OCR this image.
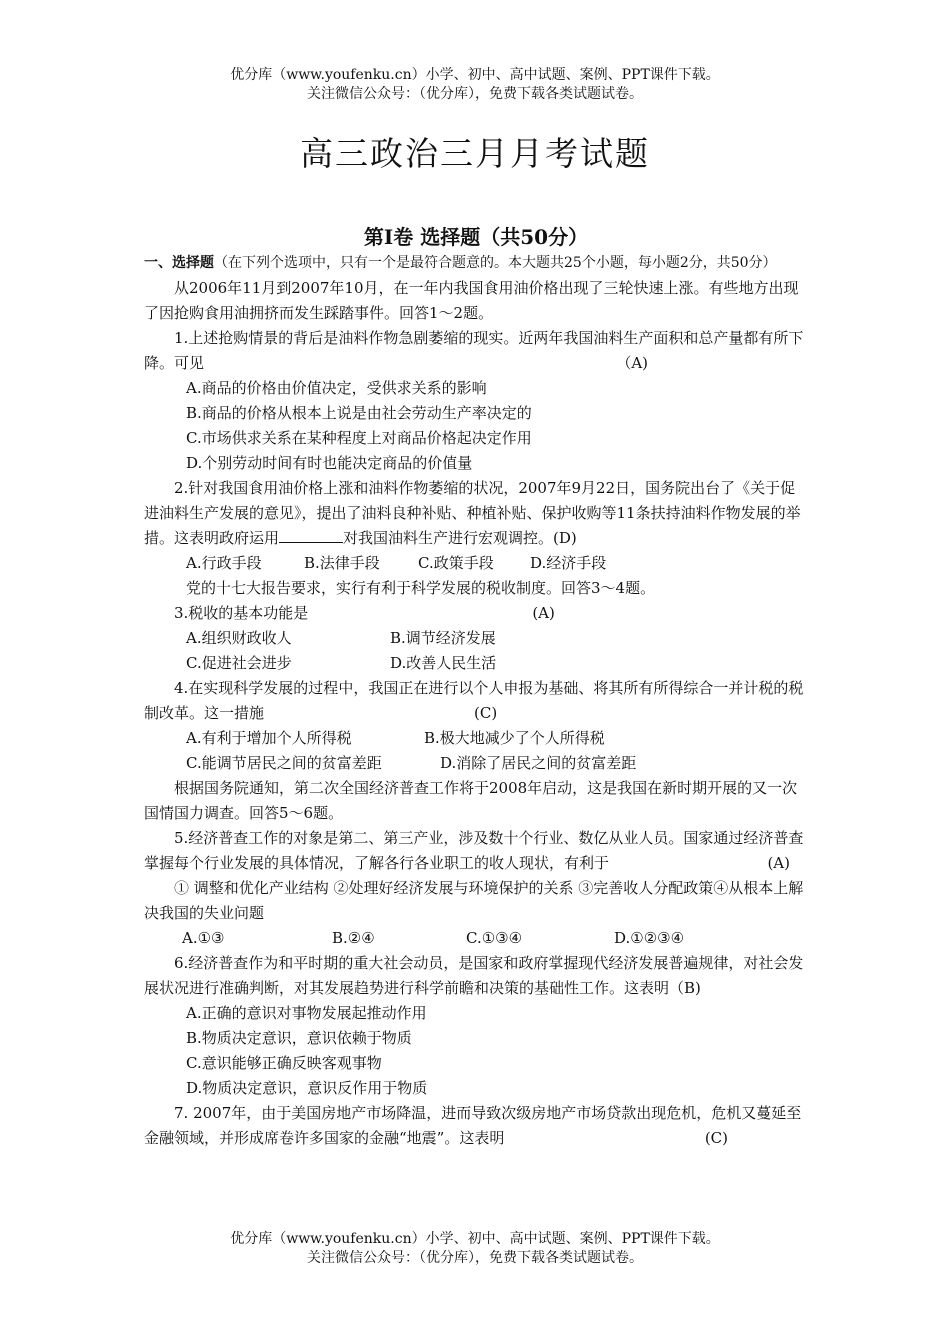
优分库（www.youfenku.cn）小学、初中、高中试题、案例、PPT课件下载。
关注微信公众号：（优分库），免费下载各类试题试卷。
高三政治三月月考试题
第Ⅰ卷 选择题（共50分）

一、选择题（在下列个选项中，只有一个是最符合题意的。本大题共25个小题，每小题2分，共50分）

从2006年11月到2007年10月，在一年内我国食用油价格出现了三轮快速上涨。有些地方出现了因抢购食用油拥挤而发生踩踏事件。回答1～2题。

1.上述抢购情景的背后是油料作物急剧萎缩的现实。近两年我国油料生产面积和总产量都有所下降。可见	（A)

A.商品的价格由价值决定，受供求关系的影响
B.商品的价格从根本上说是由社会劳动生产率决定的
C.市场供求关系在某种程度上对商品价格起决定作用
D.个别劳动时间有时也能决定商品的价值量

2.针对我国食用油价格上涨和油料作物萎缩的状况，2007年9月22日，国务院出台了《关于促进油料生产发展的意见》，提出了油料良种补贴、种植补贴、保护收购等11条扶持油料作物发展的举措。这表明政府运用	对我国油料生产进行宏观调控。(D)

A.行政手段	B.法律手段	C.政策手段 D.经济手段
党的十七大报告要求，实行有利于科学发展的税收制度。回答3～4题。

3.税收的基本功能是	(A)

A.组织财政收人	B.调节经济发展
C.促进社会进步	D.改善人民生活

4.在实现科学发展的过程中，我国正在进行以个人申报为基础、将其所有所得综合一并计税的税制改革。这一措施	(C)

A.有利于增加个人所得税	B.极大地减少了个人所得税
C.能调节居民之间的贫富差距	D.消除了居民之间的贫富差距

根据国务院通知，第二次全国经济普查工作将于2008年启动，这是我国在新时期开展的又一次国情国力调查。回答5～6题。

5.经济普查工作的对象是第二、第三产业，涉及数十个行业、数亿从业人员。国家通过经济普查掌握每个行业发展的具体情况，了解各行各业职工的收人现状，有利于	(A)

① 调整和优化产业结构 ②处理好经济发展与环境保护的关系 ③完善收人分配政策④从根本上解决我国的失业问题

A.①③	B.②④	C.①③④	D.①②③④

6.经济普查作为和平时期的重大社会动员，是国家和政府掌握现代经济发展普遍规律，对社会发展状况进行准确判断，对其发展趋势进行科学前瞻和决策的基础性工作。这表明（B)

A.正确的意识对事物发展起推动作用
B.物质决定意识，意识依赖于物质
C.意识能够正确反映客观事物
D.物质决定意识，意识反作用于物质

7. 2007年，由于美国房地产市场降温，进而导致次级房地产市场贷款出现危机，危机又蔓延至金融领域，并形成席卷许多国家的金融“地震”。这表明	(C)

优分库（www.youfenku.cn）小学、初中、高中试题、案例、PPT课件下载。
关注微信公众号：（优分库），免费下载各类试题试卷。
